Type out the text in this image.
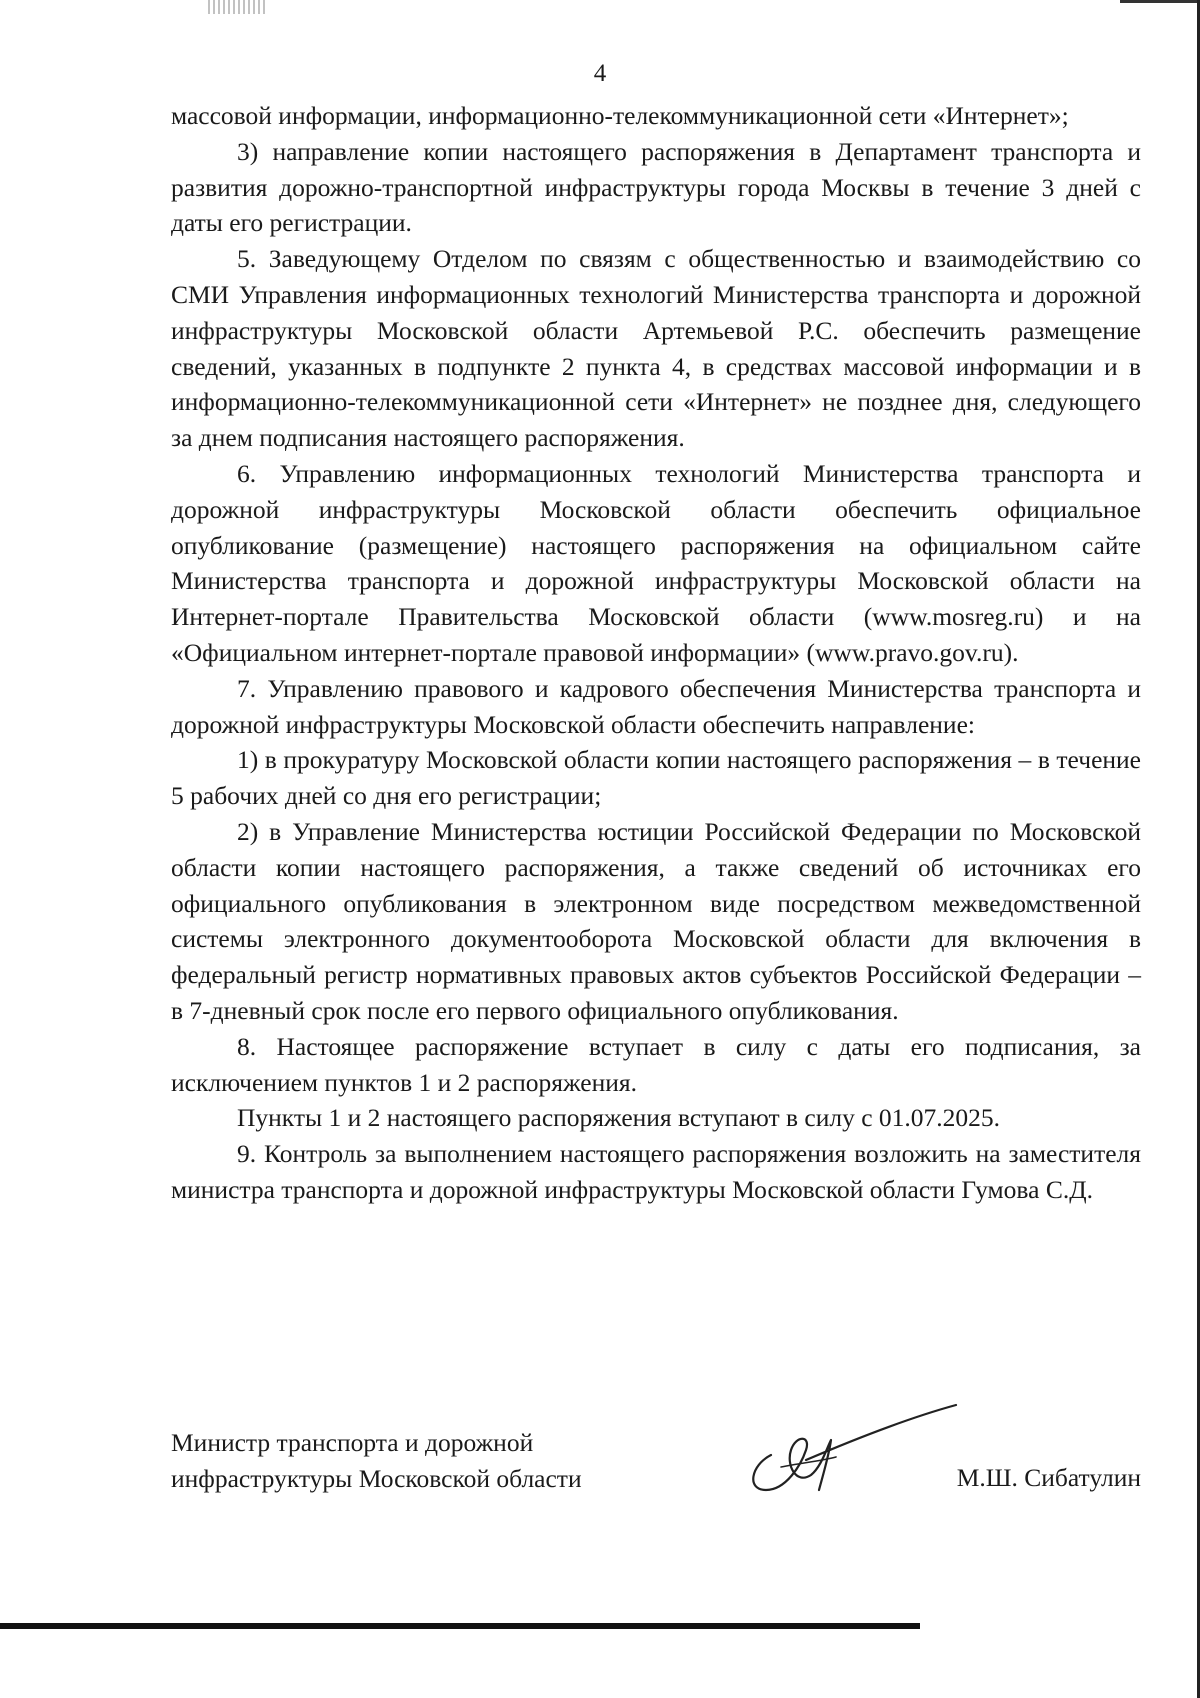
4

массовой информации, информационно-телекоммуникационной сети «Интернет»;

3) направление копии настоящего распоряжения в Департамент транспорта и развития дорожно-транспортной инфраструктуры города Москвы в течение 3 дней с даты его регистрации.

5. Заведующему Отделом по связям с общественностью и взаимодействию со СМИ Управления информационных технологий Министерства транспорта и дорожной инфраструктуры Московской области Артемьевой Р.С. обеспечить размещение сведений, указанных в подпункте 2 пункта 4, в средствах массовой информации и в информационно-телекоммуникационной сети «Интернет» не позднее дня, следующего за днем подписания настоящего распоряжения.

6. Управлению информационных технологий Министерства транспорта и дорожной инфраструктуры Московской области обеспечить официальное опубликование (размещение) настоящего распоряжения на официальном сайте Министерства транспорта и дорожной инфраструктуры Московской области на Интернет-портале Правительства Московской области (www.mosreg.ru) и на «Официальном интернет-портале правовой информации» (www.pravo.gov.ru).

7. Управлению правового и кадрового обеспечения Министерства транспорта и дорожной инфраструктуры Московской области обеспечить направление:

1) в прокуратуру Московской области копии настоящего распоряжения – в течение 5 рабочих дней со дня его регистрации;

2) в Управление Министерства юстиции Российской Федерации по Московской области копии настоящего распоряжения, а также сведений об источниках его официального опубликования в электронном виде посредством межведомственной системы электронного документооборота Московской области для включения в федеральный регистр нормативных правовых актов субъектов Российской Федерации – в 7-дневный срок после его первого официального опубликования.

8. Настоящее распоряжение вступает в силу с даты его подписания, за исключением пунктов 1 и 2 распоряжения.

Пункты 1 и 2 настоящего распоряжения вступают в силу с 01.07.2025.

9. Контроль за выполнением настоящего распоряжения возложить на заместителя министра транспорта и дорожной инфраструктуры Московской области Гумова С.Д.

Министр транспорта и дорожной
инфраструктуры Московской области	М.Ш. Сибатулин
